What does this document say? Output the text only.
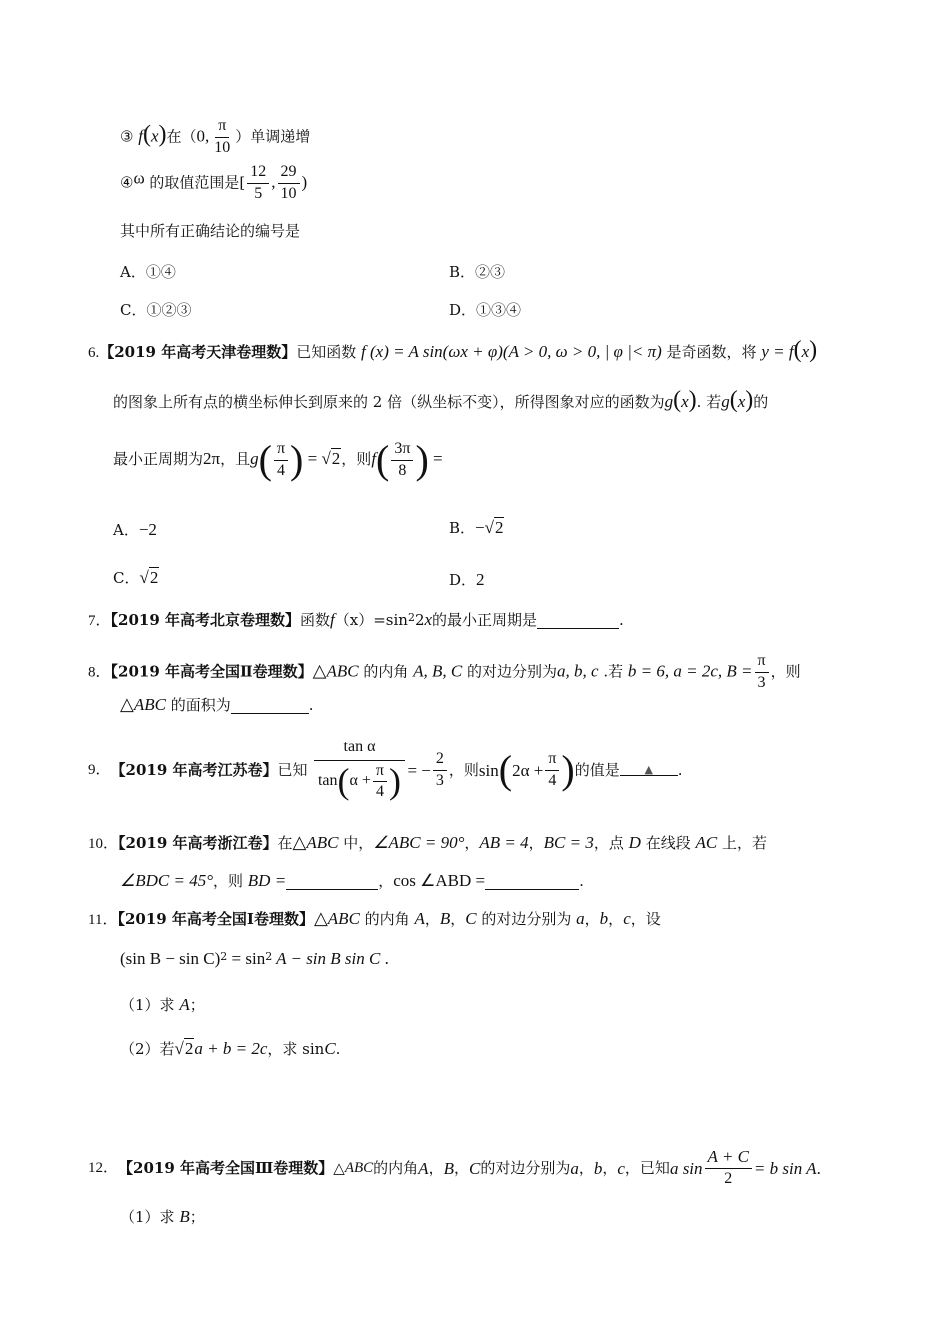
③ f(x)在（0, $\frac{\pi}{10}$ ）单调递增
④ω 的取值范围是[ $\frac{12}{5}$ , $\frac{29}{10}$ )
其中所有正确结论的编号是
A．①④	B．②③
C．①②③	D．①③④
6.【2019 年高考天津卷理数】已知函数 f (x) = A sin(ωx + φ)(A > 0, ω > 0, | φ |< π) 是奇函数，将 y = f(x)
的图象上所有点的横坐标伸长到原来的 2 倍（纵坐标不变），所得图象对应的函数为g(x). 若g(x)的
最小正周期为2π，且$g( \frac{\pi}{4}$ ) = √2，则$f( \frac{3\pi}{8}$ ) =
A．−2	B．−√2
C．√2	D．2
7．【2019 年高考北京卷理数】函数$f(x)=\sin^22x$的最小正周期是	.
8．【2019 年高考全国Ⅱ卷理数】△ABC 的内角 A, B, C 的对边分别为a, b, c .若 b = 6, a = 2c, $B = \frac{\pi}{3}$ ，则
△ABC 的面积为	.
9． 【2019 年高考江苏卷】 已知 $\frac{\text{tan α}}{\tan ( \alpha + \frac{\pi}{4} )}$ = − $\frac{2}{3}$ ，则 sin ( $2\alpha + \frac{\pi}{4}$ ) 的值是	▲	.
10．【2019 年高考浙江卷】在△ABC 中，∠ABC = 90°，AB = 4，BC = 3，点 D 在线段 AC 上，若
∠BDC = 45°，则 BD =	，cos ∠ABD =	.
11．【2019 年高考全国Ⅰ卷理数】△ABC 的内角 A，B，C 的对边分别为 a，b，c，设
(sin $B - \sin C)^2 = \sin^2 A - \sin B$ sin C .
（1）求 A；
（2）若√2a + b = 2c，求 sinC.
12． 【2019 年高考全国Ⅲ卷理数】 △ ABC 的内角 A ， B ， C 的对边分别为 a ， b ， c ，已知 a $\sin \frac{A + C}{2} = b$ sin A .
（1）求 B；
